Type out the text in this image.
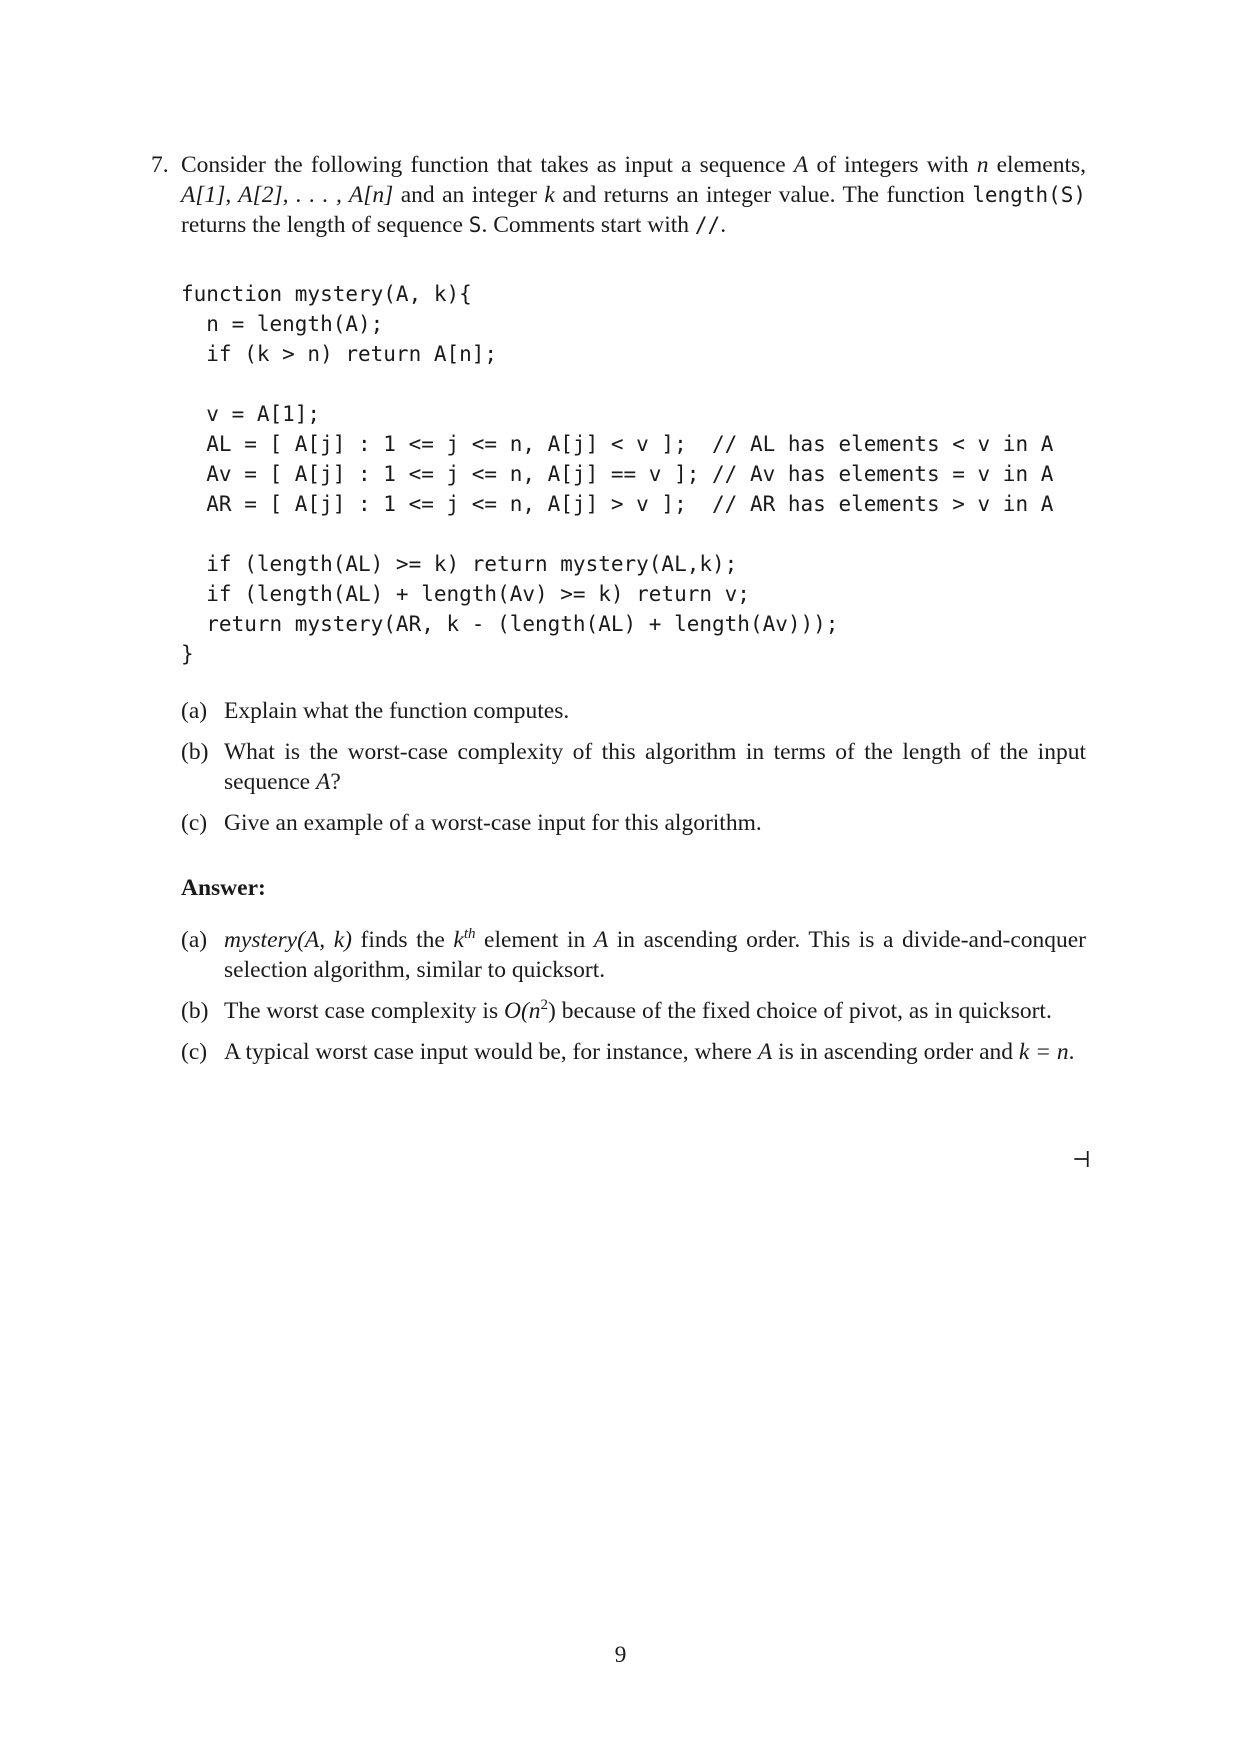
7. Consider the following function that takes as input a sequence A of integers with n elements, A[1], A[2], . . . , A[n] and an integer k and returns an integer value. The function length(S) returns the length of sequence S. Comments start with //.
function mystery(A, k){
n = length(A);
if (k > n) return A[n];

v = A[1];
AL = [ A[j] : 1 <= j <= n, A[j] < v ];  // AL has elements < v in A
Av = [ A[j] : 1 <= j <= n, A[j] == v ]; // Av has elements = v in A
AR = [ A[j] : 1 <= j <= n, A[j] > v ];  // AR has elements > v in A

if (length(AL) >= k) return mystery(AL,k);
if (length(AL) + length(Av) >= k) return v;
return mystery(AR, k - (length(AL) + length(Av)));
}
(a) Explain what the function computes.
(b) What is the worst-case complexity of this algorithm in terms of the length of the input sequence A?
(c) Give an example of a worst-case input for this algorithm.
Answer:
(a) mystery(A, k) finds the $k^{th}$ element in A in ascending order. This is a divide-and-conquer selection algorithm, similar to quicksort.
(b) The worst case complexity is $O(n^2)$ because of the fixed choice of pivot, as in quicksort.
(c) A typical worst case input would be, for instance, where A is in ascending order and k = n.
⊣
9
